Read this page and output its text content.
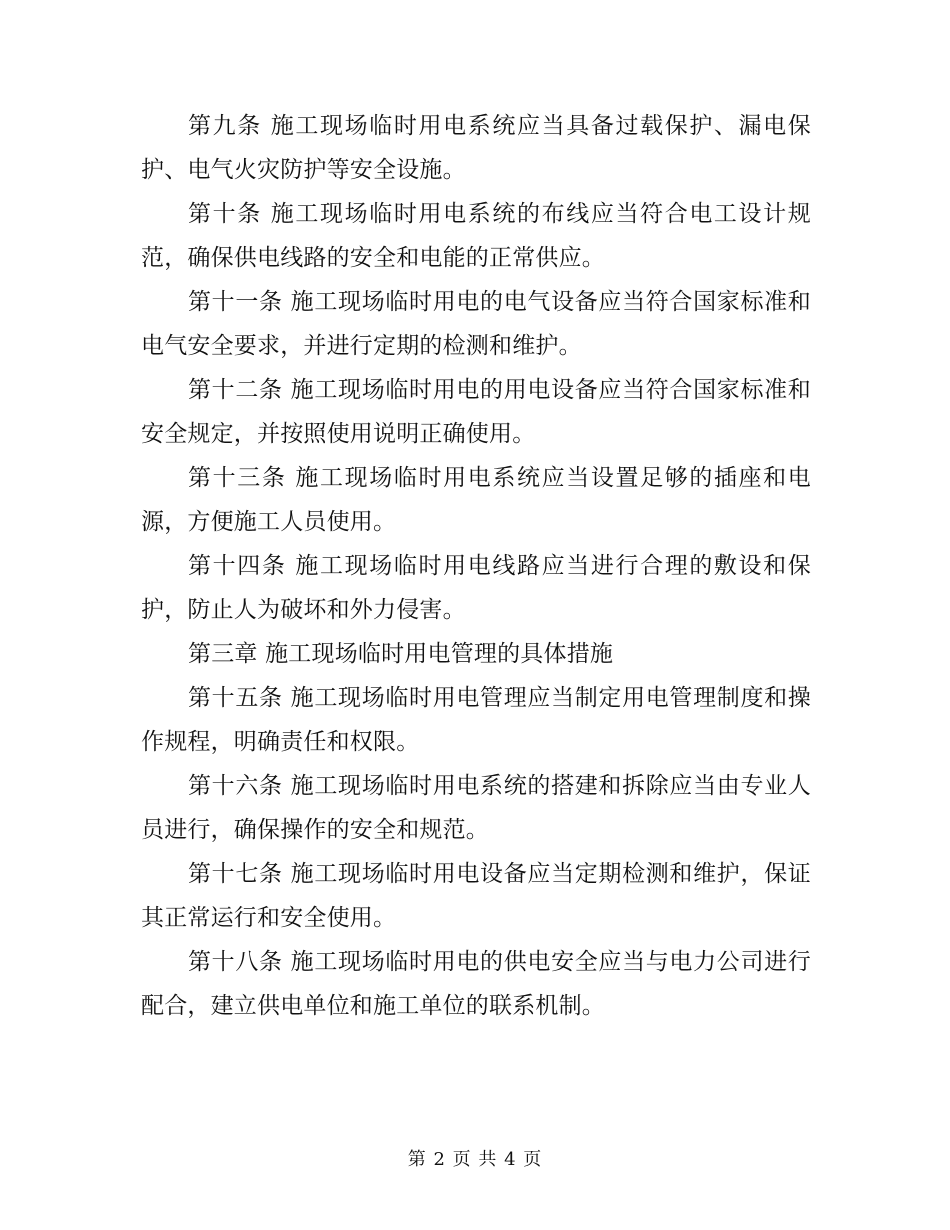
第九条 施工现场临时用电系统应当具备过载保护、漏电保护、电气火灾防护等安全设施。

第十条 施工现场临时用电系统的布线应当符合电工设计规范，确保供电线路的安全和电能的正常供应。

第十一条 施工现场临时用电的电气设备应当符合国家标准和电气安全要求，并进行定期的检测和维护。

第十二条 施工现场临时用电的用电设备应当符合国家标准和安全规定，并按照使用说明正确使用。

第十三条 施工现场临时用电系统应当设置足够的插座和电源，方便施工人员使用。

第十四条 施工现场临时用电线路应当进行合理的敷设和保护，防止人为破坏和外力侵害。

第三章 施工现场临时用电管理的具体措施

第十五条 施工现场临时用电管理应当制定用电管理制度和操作规程，明确责任和权限。

第十六条 施工现场临时用电系统的搭建和拆除应当由专业人员进行，确保操作的安全和规范。

第十七条 施工现场临时用电设备应当定期检测和维护，保证其正常运行和安全使用。

第十八条 施工现场临时用电的供电安全应当与电力公司进行配合，建立供电单位和施工单位的联系机制。

第 2 页 共 4 页
